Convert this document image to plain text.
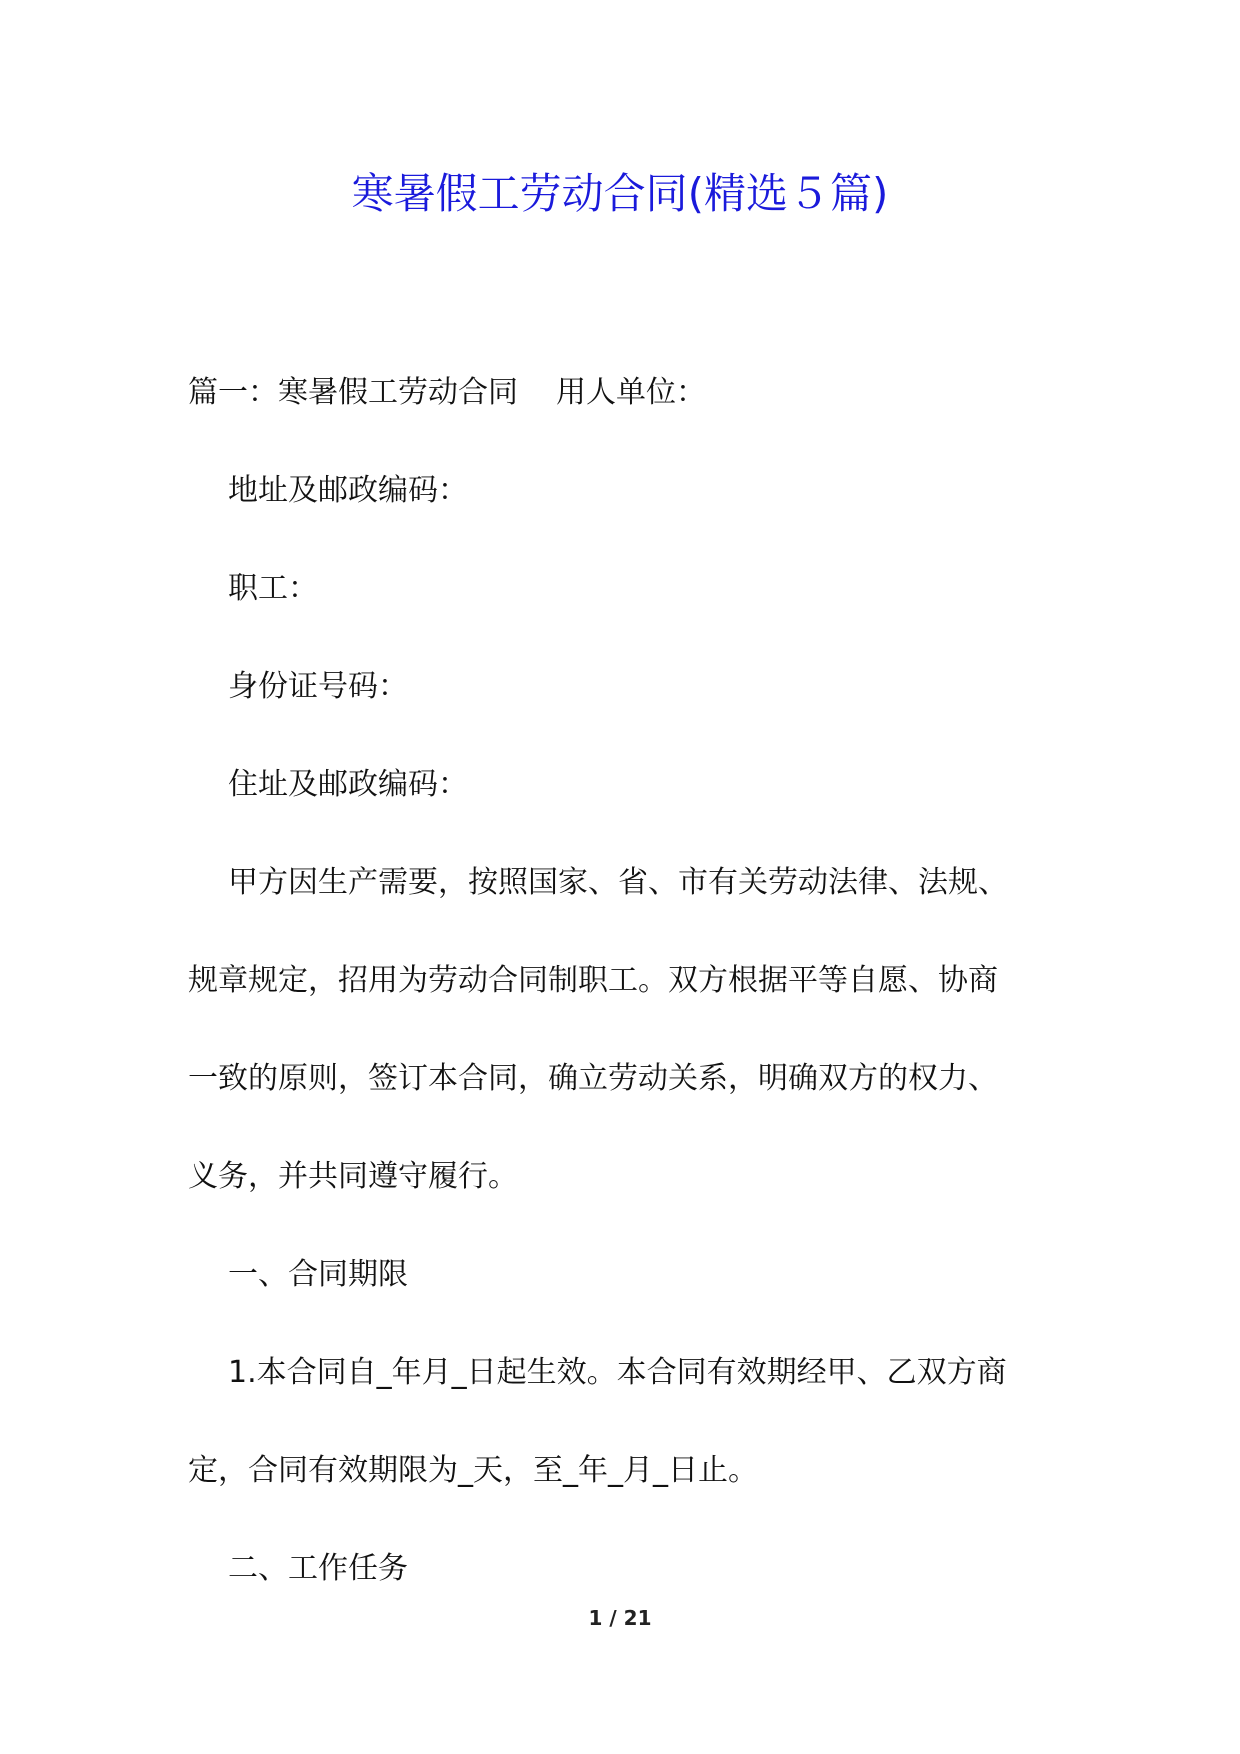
寒暑假工劳动合同(精选５篇)

篇一：寒暑假工劳动合同 用人单位：

地址及邮政编码：

职工：

身份证号码：

住址及邮政编码：

甲方因生产需要，按照国家、省、市有关劳动法律、法规、
规章规定，招用为劳动合同制职工。双方根据平等自愿、协商
一致的原则，签订本合同，确立劳动关系，明确双方的权力、
义务，并共同遵守履行。

一、合同期限

1.本合同自_年月_日起生效。本合同有效期经甲、乙双方商
定，合同有效期限为_天，至_年_月_日止。

二、工作任务

1 / 21
